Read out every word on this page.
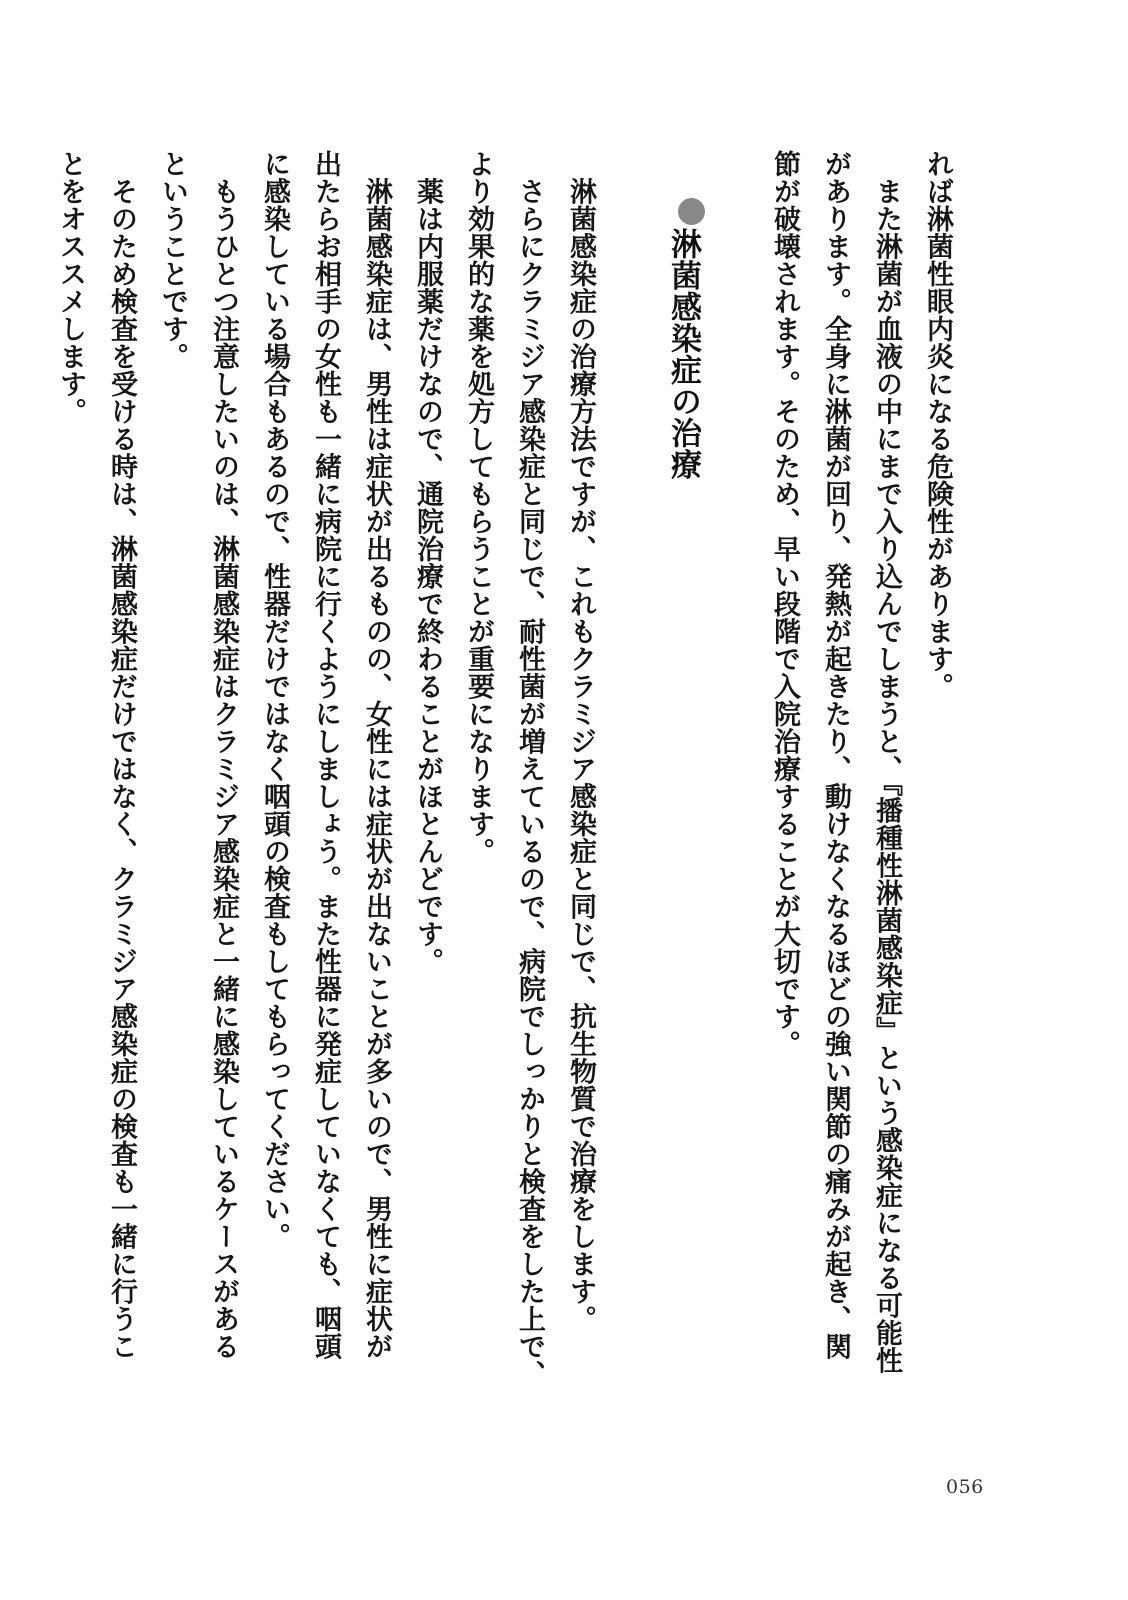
れば淋菌性眼内炎になる危険性があります。
　また淋菌が血液の中にまで入り込んでしまうと、『播種性淋菌感染症』という感染症になる可能性
があります。全身に淋菌が回り、発熱が起きたり、動けなくなるほどの強い関節の痛みが起き、関
節が破壊されます。そのため、早い段階で入院治療することが大切です。
淋菌感染症の治療
　淋菌感染症の治療方法ですが、これもクラミジア感染症と同じで、抗生物質で治療をします。
　さらにクラミジア感染症と同じで、耐性菌が増えているので、病院でしっかりと検査をした上で、
より効果的な薬を処方してもらうことが重要になります。
　薬は内服薬だけなので、通院治療で終わることがほとんどです。
　淋菌感染症は、男性は症状が出るものの、女性には症状が出ないことが多いので、男性に症状が
出たらお相手の女性も一緒に病院に行くようにしましょう。また性器に発症していなくても、咽頭
に感染している場合もあるので、性器だけではなく咽頭の検査もしてもらってください。
　もうひとつ注意したいのは、淋菌感染症はクラミジア感染症と一緒に感染しているケースがある
ということです。
　そのため検査を受ける時は、淋菌感染症だけではなく、クラミジア感染症の検査も一緒に行うこ
とをオススメします。
056
